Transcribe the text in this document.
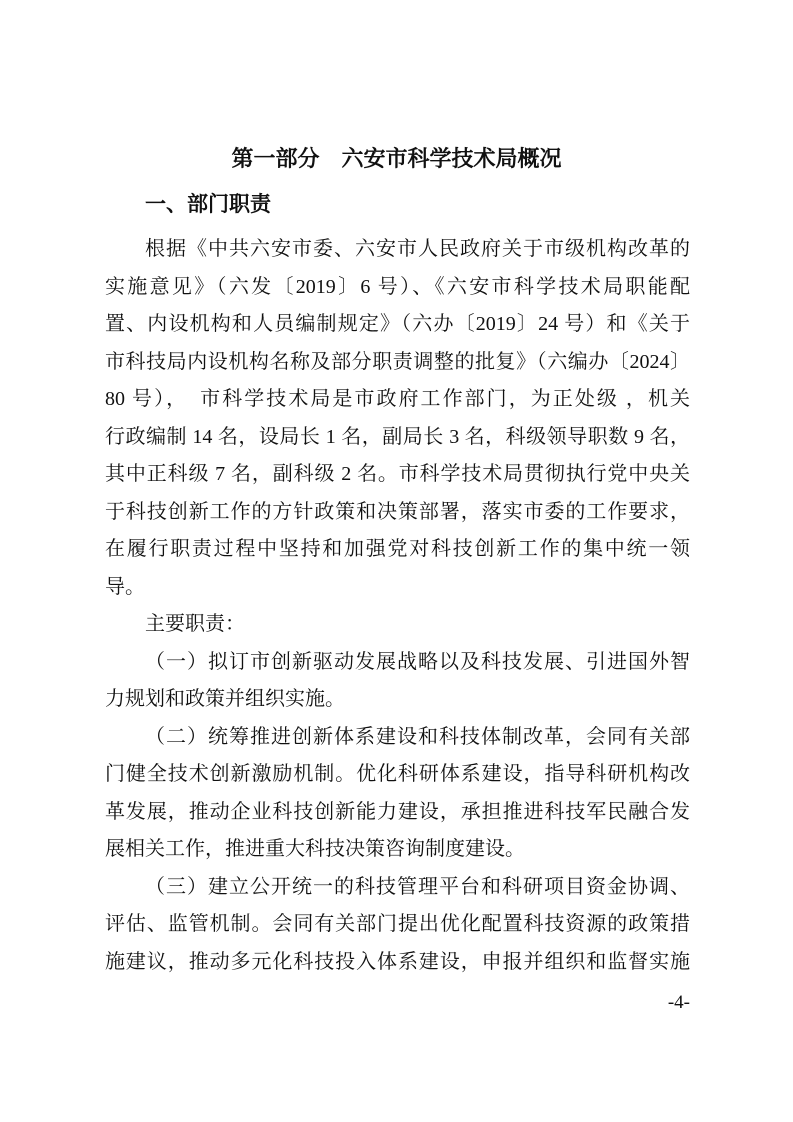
第一部分　六安市科学技术局概况
一、部门职责
根据《中共六安市委、六安市人民政府关于市级机构改革的
实施意见》（六发〔2019〕6 号）、《六安市科学技术局职能配
置、内设机构和人员编制规定》（六办〔2019〕24 号）和《关于
市科技局内设机构名称及部分职责调整的批复》（六编办〔2024〕
80 号），　市科学技术局是市政府工作部门，为正处级 ，机关
行政编制 14 名，设局长 1 名，副局长 3 名，科级领导职数 9 名，
其中正科级 7 名，副科级 2 名。市科学技术局贯彻执行党中央关
于科技创新工作的方针政策和决策部署，落实市委的工作要求，
在履行职责过程中坚持和加强党对科技创新工作的集中统一领
导。
主要职责：
（一）拟订市创新驱动发展战略以及科技发展、引进国外智
力规划和政策并组织实施。
（二）统筹推进创新体系建设和科技体制改革，会同有关部
门健全技术创新激励机制。优化科研体系建设，指导科研机构改
革发展，推动企业科技创新能力建设，承担推进科技军民融合发
展相关工作，推进重大科技决策咨询制度建设。
（三）建立公开统一的科技管理平台和科研项目资金协调、
评估、监管机制。会同有关部门提出优化配置科技资源的政策措
施建议，推动多元化科技投入体系建设，申报并组织和监督实施
-4-
